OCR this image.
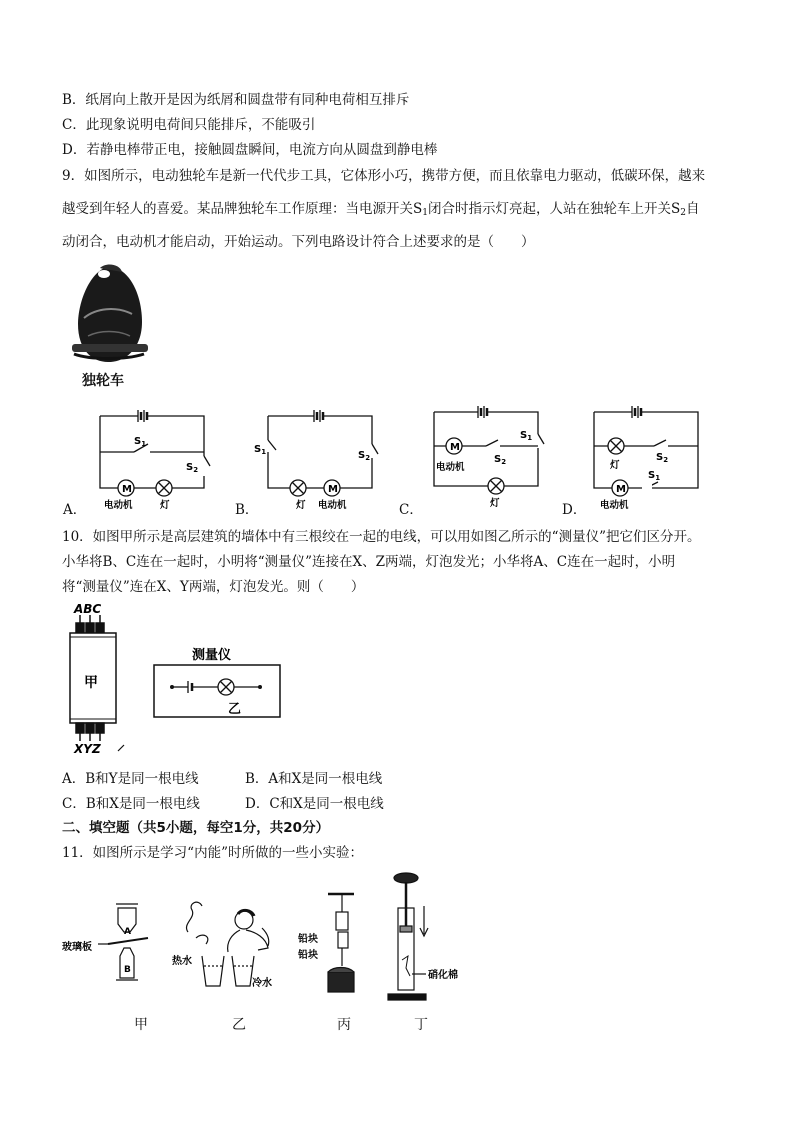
B．纸屑向上散开是因为纸屑和圆盘带有同种电荷相互排斥
C．此现象说明电荷间只能排斥，不能吸引
D．若静电棒带正电，接触圆盘瞬间，电流方向从圆盘到静电棒
9．如图所示，电动独轮车是新一代代步工具，它体形小巧，携带方便，而且依靠电力驱动，低碳环保，越来
越受到年轻人的喜爱。某品牌独轮车工作原理：当电源开关$S_1$闭合时指示灯亮起，人站在独轮车上开关$S_2$自
动闭合，电动机才能启动，开始运动。下列电路设计符合上述要求的是（　　）
独轮车
M
$S_1$
$S_2$
电动机	灯
A．
M
$S_1$	$S_2$
灯 电动机
B．
M
$S_1$
$S_2$
电动机
灯
C．
M
$S_2$
$S_1$
灯
电动机
D．
10．如图甲所示是高层建筑的墙体中有三根绞在一起的电线，可以用如图乙所示的“测量仪”把它们区分开。
小华将B、C连在一起时，小明将“测量仪”连接在X、Z两端，灯泡发光；小华将A、C连在一起时，小明
将“测量仪”连在X、Y两端，灯泡发光。则（　　）
ABC
甲
XYZ
测量仪
乙
A．B和Y是同一根电线	B．A和X是同一根电线
C．B和X是同一根电线	D．C和X是同一根电线
二、填空题（共5小题，每空1分，共20分）
11．如图所示是学习“内能”时所做的一些小实验：
A
B
玻璃板
热水
冷水
铅块
铅块
硝化棉
甲	乙	丙	丁
